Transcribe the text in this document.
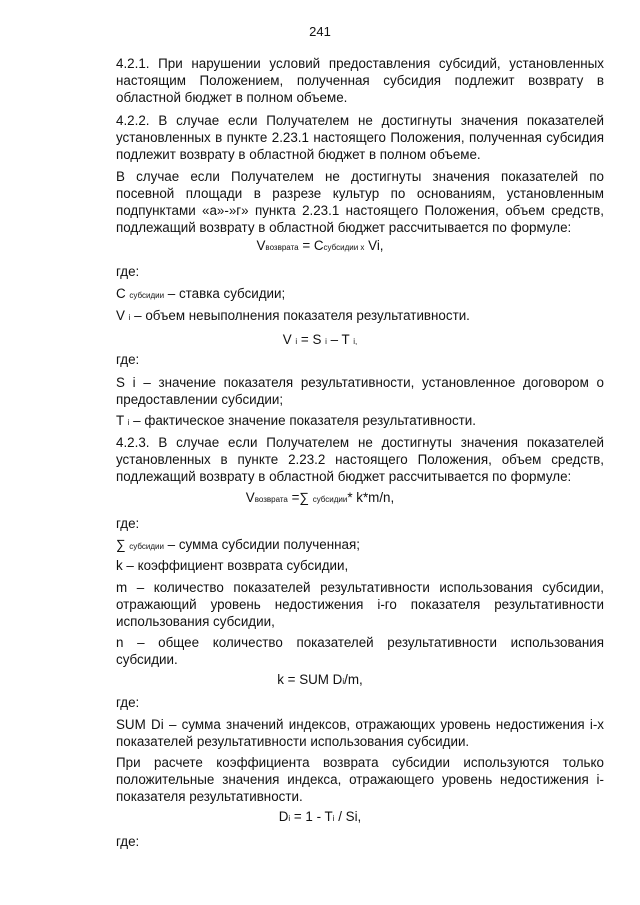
241
4.2.1. При нарушении условий предоставления субсидий, установленных настоящим Положением, полученная субсидия подлежит возврату в областной бюджет в полном объеме.
4.2.2. В случае если Получателем не достигнуты значения показателей установленных в пункте 2.23.1 настоящего Положения, полученная субсидия подлежит возврату в областной бюджет в полном объеме.
В случае если Получателем не достигнуты значения показателей по посевной площади в разрезе культур по основаниям, установленным подпунктами «а»-»г» пункта 2.23.1 настоящего Положения, объем средств, подлежащий возврату в областной бюджет рассчитывается по формуле:
Vвозврата = Cсубсидии x Vi,
где:
C субсидии – ставка субсидии;
V i – объем невыполнения показателя результативности.
V i = S i – T i,
где:
S i – значение показателя результативности, установленное договором о предоставлении субсидии;
T i – фактическое значение показателя результативности.
4.2.3. В случае если Получателем не достигнуты значения показателей установленных в пункте 2.23.2 настоящего Положения, объем средств, подлежащий возврату в областной бюджет рассчитывается по формуле:
Vвозврата =∑ субсидии* k*m/n,
где:
∑ субсидии – сумма субсидии полученная;
k – коэффициент возврата субсидии,
m – количество показателей результативности использования субсидии, отражающий уровень недостижения i-го показателя результативности использования субсидии,
n – общее количество показателей результативности использования субсидии.
k = SUM Di/m,
где:
SUM Di – сумма значений индексов, отражающих уровень недостижения i-х показателей результативности использования субсидии.
При расчете коэффициента возврата субсидии используются только положительные значения индекса, отражающего уровень недостижения i-показателя результативности.
Di = 1 - Ti / Si,
где:
